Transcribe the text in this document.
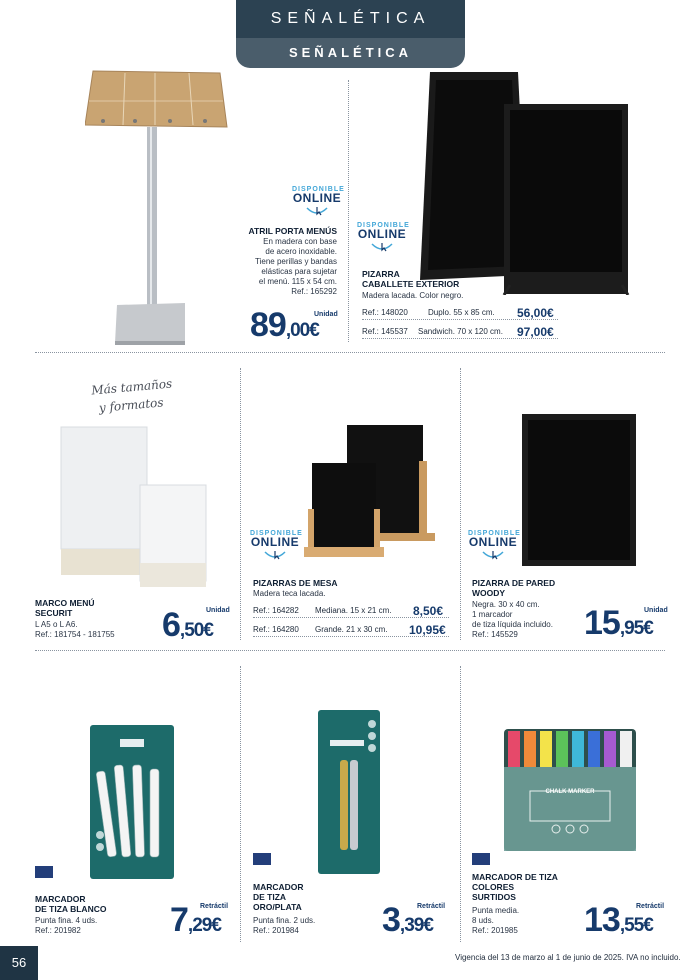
SEÑALÉTICA
SEÑALÉTICA
DISPONIBLE
ONLINE
ATRIL PORTA MENÚS
En madera con base
de acero inoxidable.
Tiene perillas y bandas
elásticas para sujetar
el menú. 115 x 54 cm.
Ref.: 165292
Unidad
89,00€
DISPONIBLE
ONLINE
PIZARRA
CABALLETE EXTERIOR
Madera lacada. Color negro.
Ref.: 148020	Duplo. 55 x 85 cm. 56,00€
Ref.: 145537 Sandwich. 70 x 120 cm. 97,00€
Más tamaños
y formatos
MARCO MENÚ
SECURIT
L A5 o L A6.
Ref.: 181754 - 181755
Unidad
6,50€
DISPONIBLE
ONLINE
PIZARRAS DE MESA
Madera teca lacada.
Ref.: 164282 Mediana. 15 x 21 cm. 8,50€
Ref.: 164280 Grande. 21 x 30 cm. 10,95€
DISPONIBLE
ONLINE
PIZARRA DE PARED
WOODY
Negra. 30 x 40 cm.
1 marcador
de tiza líquida incluido.
Ref.: 145529
Unidad
15,95€
MARCADOR
DE TIZA BLANCO
Punta fina. 4 uds.
Ref.: 201982
Retráctil
7,29€
MARCADOR
DE TIZA
ORO/PLATA
Punta fina. 2 uds.
Ref.: 201984
Retráctil
3,39€
CHALK MARKER
MARCADOR DE TIZA
COLORES
SURTIDOS
Punta media.
8 uds.
Ref.: 201985
Retráctil
13,55€
56	Vigencia del 13 de marzo al 1 de junio de 2025. IVA no incluido.
